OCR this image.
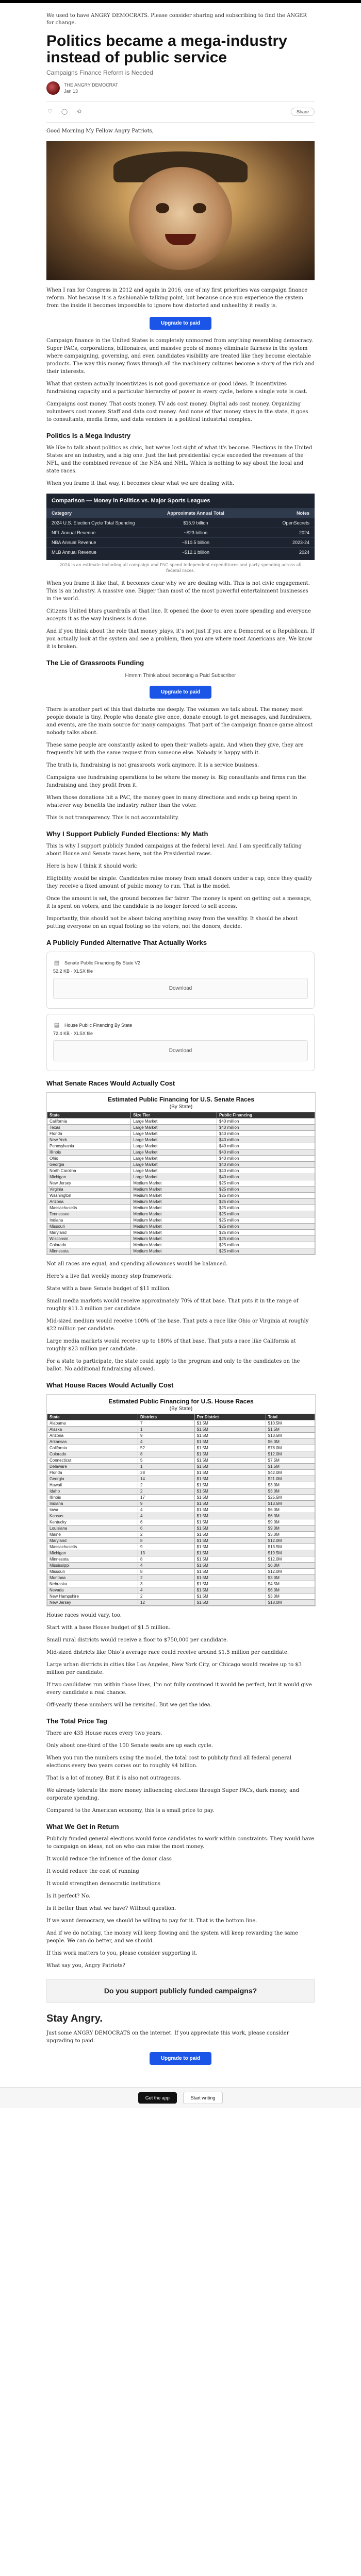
We used to have ANGRY DEMOCRATS. Please consider sharing and subscribing to find the ANGER for change.
Politics became a mega-industry instead of public service
Campaigns Finance Reform is Needed
THE ANGRY DEMOCRAT
Jan 13
♡ ◯ ⟲	Share

Good Morning My Fellow Angry Patriots,

When I ran for Congress in 2012 and again in 2016, one of my first priorities was campaign finance reform. Not because it is a fashionable talking point, but because once you experience the system from the inside it becomes impossible to ignore how distorted and unhealthy it really is.

Upgrade to paid

Campaign finance in the United States is completely unmoored from anything resembling democracy. Super PACs, corporations, billionaires, and massive pools of money eliminate fairness in the system where campaigning, governing, and even candidates visibility are treated like they become electable products. The way this money flows through all the machinery cultures become a story of the rich and their interests.

What that system actually incentivizes is not good governance or good ideas. It incentivizes fundraising capacity and a particular hierarchy of power in every cycle, before a single vote is cast.

Campaigns cost money. That costs money. TV ads cost money. Digital ads cost money. Organizing volunteers cost money. Staff and data cost money. And none of that money stays in the state, it goes to consultants, media firms, and data vendors in a political industrial complex.

Politics Is a Mega Industry

We like to talk about politics as civic, but we've lost sight of what it's become. Elections in the United States are an industry, and a big one. Just the last presidential cycle exceeded the revenues of the NFL, and the combined revenue of the NBA and NHL. Which is nothing to say about the local and state races.

When you frame it that way, it becomes clear what we are dealing with.

Comparison — Money in Politics vs. Major Sports Leagues
Category	Approximate Annual Total	Notes
2024 U.S. Election Cycle Total Spending	$15.9 billion	OpenSecrets
NFL Annual Revenue	~$23 billion	2024
NBA Annual Revenue	~$10.5 billion	2023-24
MLB Annual Revenue	~$12.1 billion	2024
2024 is an estimate including all campaign and PAC spend independent expenditures and party spending across all federal races.

When you frame it like that, it becomes clear why we are dealing with. This is not civic engagement. This is an industry. A massive one. Bigger than most of the most powerful entertainment businesses in the world.

Citizens United blurs guardrails at that line. It opened the door to even more spending and everyone accepts it as the way business is done.

And if you think about the role that money plays, it’s not just if you are a Democrat or a Republican. If you actually look at the system and see a problem, then you are where most Americans are. We know it is broken.

The Lie of Grassroots Funding
Hmmm Think about becoming a Paid Subscriber
Upgrade to paid

There is another part of this that disturbs me deeply. The volumes we talk about. The money most people donate is tiny. People who donate give once, donate enough to get messages, and fundraisers, and events, are the main source for many campaigns. That part of the campaign finance game almost nobody talks about.

These same people are constantly asked to open their wallets again. And when they give, they are frequently hit with the same request from someone else. Nobody is happy with it.

The truth is, fundraising is not grassroots work anymore. It is a service business.

Campaigns use fundraising operations to be where the money is. Big consultants and firms run the fundraising and they profit from it.

When those donations hit a PAC, the money goes in many directions and ends up being spent in whatever way benefits the industry rather than the voter.

This is not transparency. This is not accountability.

Why I Support Publicly Funded Elections: My Math

This is why I support publicly funded campaigns at the federal level. And I am specifically talking about House and Senate races here, not the Presidential races.

Here is how I think it should work:

Eligibility would be simple. Candidates raise money from small donors under a cap; once they qualify they receive a fixed amount of public money to run. That is the model.

Once the amount is set, the ground becomes far fairer. The money is spent on getting out a message, it is spent on voters, and the candidate is no longer forced to sell access.

Importantly, this should not be about taking anything away from the wealthy. It should be about putting everyone on an equal footing so the voters, not the donors, decide.

A Publicly Funded Alternative That Actually Works
▤ Senate Public Financing By State V2
52.2 KB · XLSX file
Download
▤ House Public Financing By State
72.4 KB · XLSX file
Download
What Senate Races Would Actually Cost
Estimated Public Financing for U.S. Senate Races
(By State)
State	Size Tier	Public Financing
California	Large Market	$40 million
Texas	Large Market	$40 million
Florida	Large Market	$40 million
New York	Large Market	$40 million
Pennsylvania	Large Market	$40 million
Illinois	Large Market	$40 million
Ohio	Large Market	$40 million
Georgia	Large Market	$40 million
North Carolina	Large Market	$40 million
Michigan	Large Market	$40 million
New Jersey	Medium Market	$25 million
Virginia	Medium Market	$25 million
Washington	Medium Market	$25 million
Arizona	Medium Market	$25 million
Massachusetts	Medium Market	$25 million
Tennessee	Medium Market	$25 million
Indiana	Medium Market	$25 million
Missouri	Medium Market	$25 million
Maryland	Medium Market	$25 million
Wisconsin	Medium Market	$25 million
Colorado	Medium Market	$25 million
Minnesota	Medium Market	$25 million

Not all races are equal, and spending allowances would be balanced.

Here’s a live flat weekly money step framework:

State with a base Senate budget of $11 million.

Small media markets would receive approximately 70% of that base. That puts it in the range of roughly $11.3 million per candidate.

Mid-sized medium would receive 100% of the base. That puts a race like Ohio or Virginia at roughly $22 million per candidate.

Large media markets would receive up to 180% of that base. That puts a race like California at roughly $23 million per candidate.

For a state to participate, the state could apply to the program and only to the candidates on the ballot. No additional fundraising allowed.

What House Races Would Actually Cost
Estimated Public Financing for U.S. House Races
(By State)
State	Districts	Per District	Total
Alabama	7	$1.5M	$10.5M
Alaska	1	$1.5M	$1.5M
Arizona	9	$1.5M	$13.5M
Arkansas	4	$1.5M	$6.0M
California	52	$1.5M	$78.0M
Colorado	8	$1.5M	$12.0M
Connecticut	5	$1.5M	$7.5M
Delaware	1	$1.5M	$1.5M
Florida	28	$1.5M	$42.0M
Georgia	14	$1.5M	$21.0M
Hawaii	2	$1.5M	$3.0M
Idaho	2	$1.5M	$3.0M
Illinois	17	$1.5M	$25.5M
Indiana	9	$1.5M	$13.5M
Iowa	4	$1.5M	$6.0M
Kansas	4	$1.5M	$6.0M
Kentucky	6	$1.5M	$9.0M
Louisiana	6	$1.5M	$9.0M
Maine	2	$1.5M	$3.0M
Maryland	8	$1.5M	$12.0M
Massachusetts	9	$1.5M	$13.5M
Michigan	13	$1.5M	$19.5M
Minnesota	8	$1.5M	$12.0M
Mississippi	4	$1.5M	$6.0M
Missouri	8	$1.5M	$12.0M
Montana	2	$1.5M	$3.0M
Nebraska	3	$1.5M	$4.5M
Nevada	4	$1.5M	$6.0M
New Hampshire	2	$1.5M	$3.0M
New Jersey	12	$1.5M	$18.0M

House races would vary, too.

Start with a base House budget of $1.5 million.

Small rural districts would receive a floor to $750,000 per candidate.

Mid-sized districts like Ohio’s average race could receive around $1.5 million per candidate.

Large urban districts in cities like Los Angeles, New York City, or Chicago would receive up to $3 million per candidate.

If two candidates run within those lines, I’m not fully convinced it would be perfect, but it would give every candidate a real chance.

Off-yearly these numbers will be revisited. But we get the idea.

The Total Price Tag

There are 435 House races every two years.

Only about one-third of the 100 Senate seats are up each cycle.

When you run the numbers using the model, the total cost to publicly fund all federal general elections every two years comes out to roughly $4 billion.

That is a lot of money. But it is also not outrageous.

We already tolerate the more money influencing elections through Super PACs, dark money, and corporate spending.

Compared to the American economy, this is a small price to pay.

What We Get in Return

Publicly funded general elections would force candidates to work within constraints. They would have to campaign on ideas, not on who can raise the most money.

It would reduce the influence of the donor class

It would reduce the cost of running

It would strengthen democratic institutions

Is it perfect? No.

Is it better than what we have? Without question.

If we want democracy, we should be willing to pay for it. That is the bottom line.

And if we do nothing, the money will keep flowing and the system will keep rewarding the same people. We can do better, and we should.

If this work matters to you, please consider supporting it.

What say you, Angry Patriots?

Do you support publicly funded campaigns?
Stay Angry.

Just some ANGRY DEMOCRATS on the internet. If you appreciate this work, please consider upgrading to paid.

Upgrade to paid
Get the app	Start writing
